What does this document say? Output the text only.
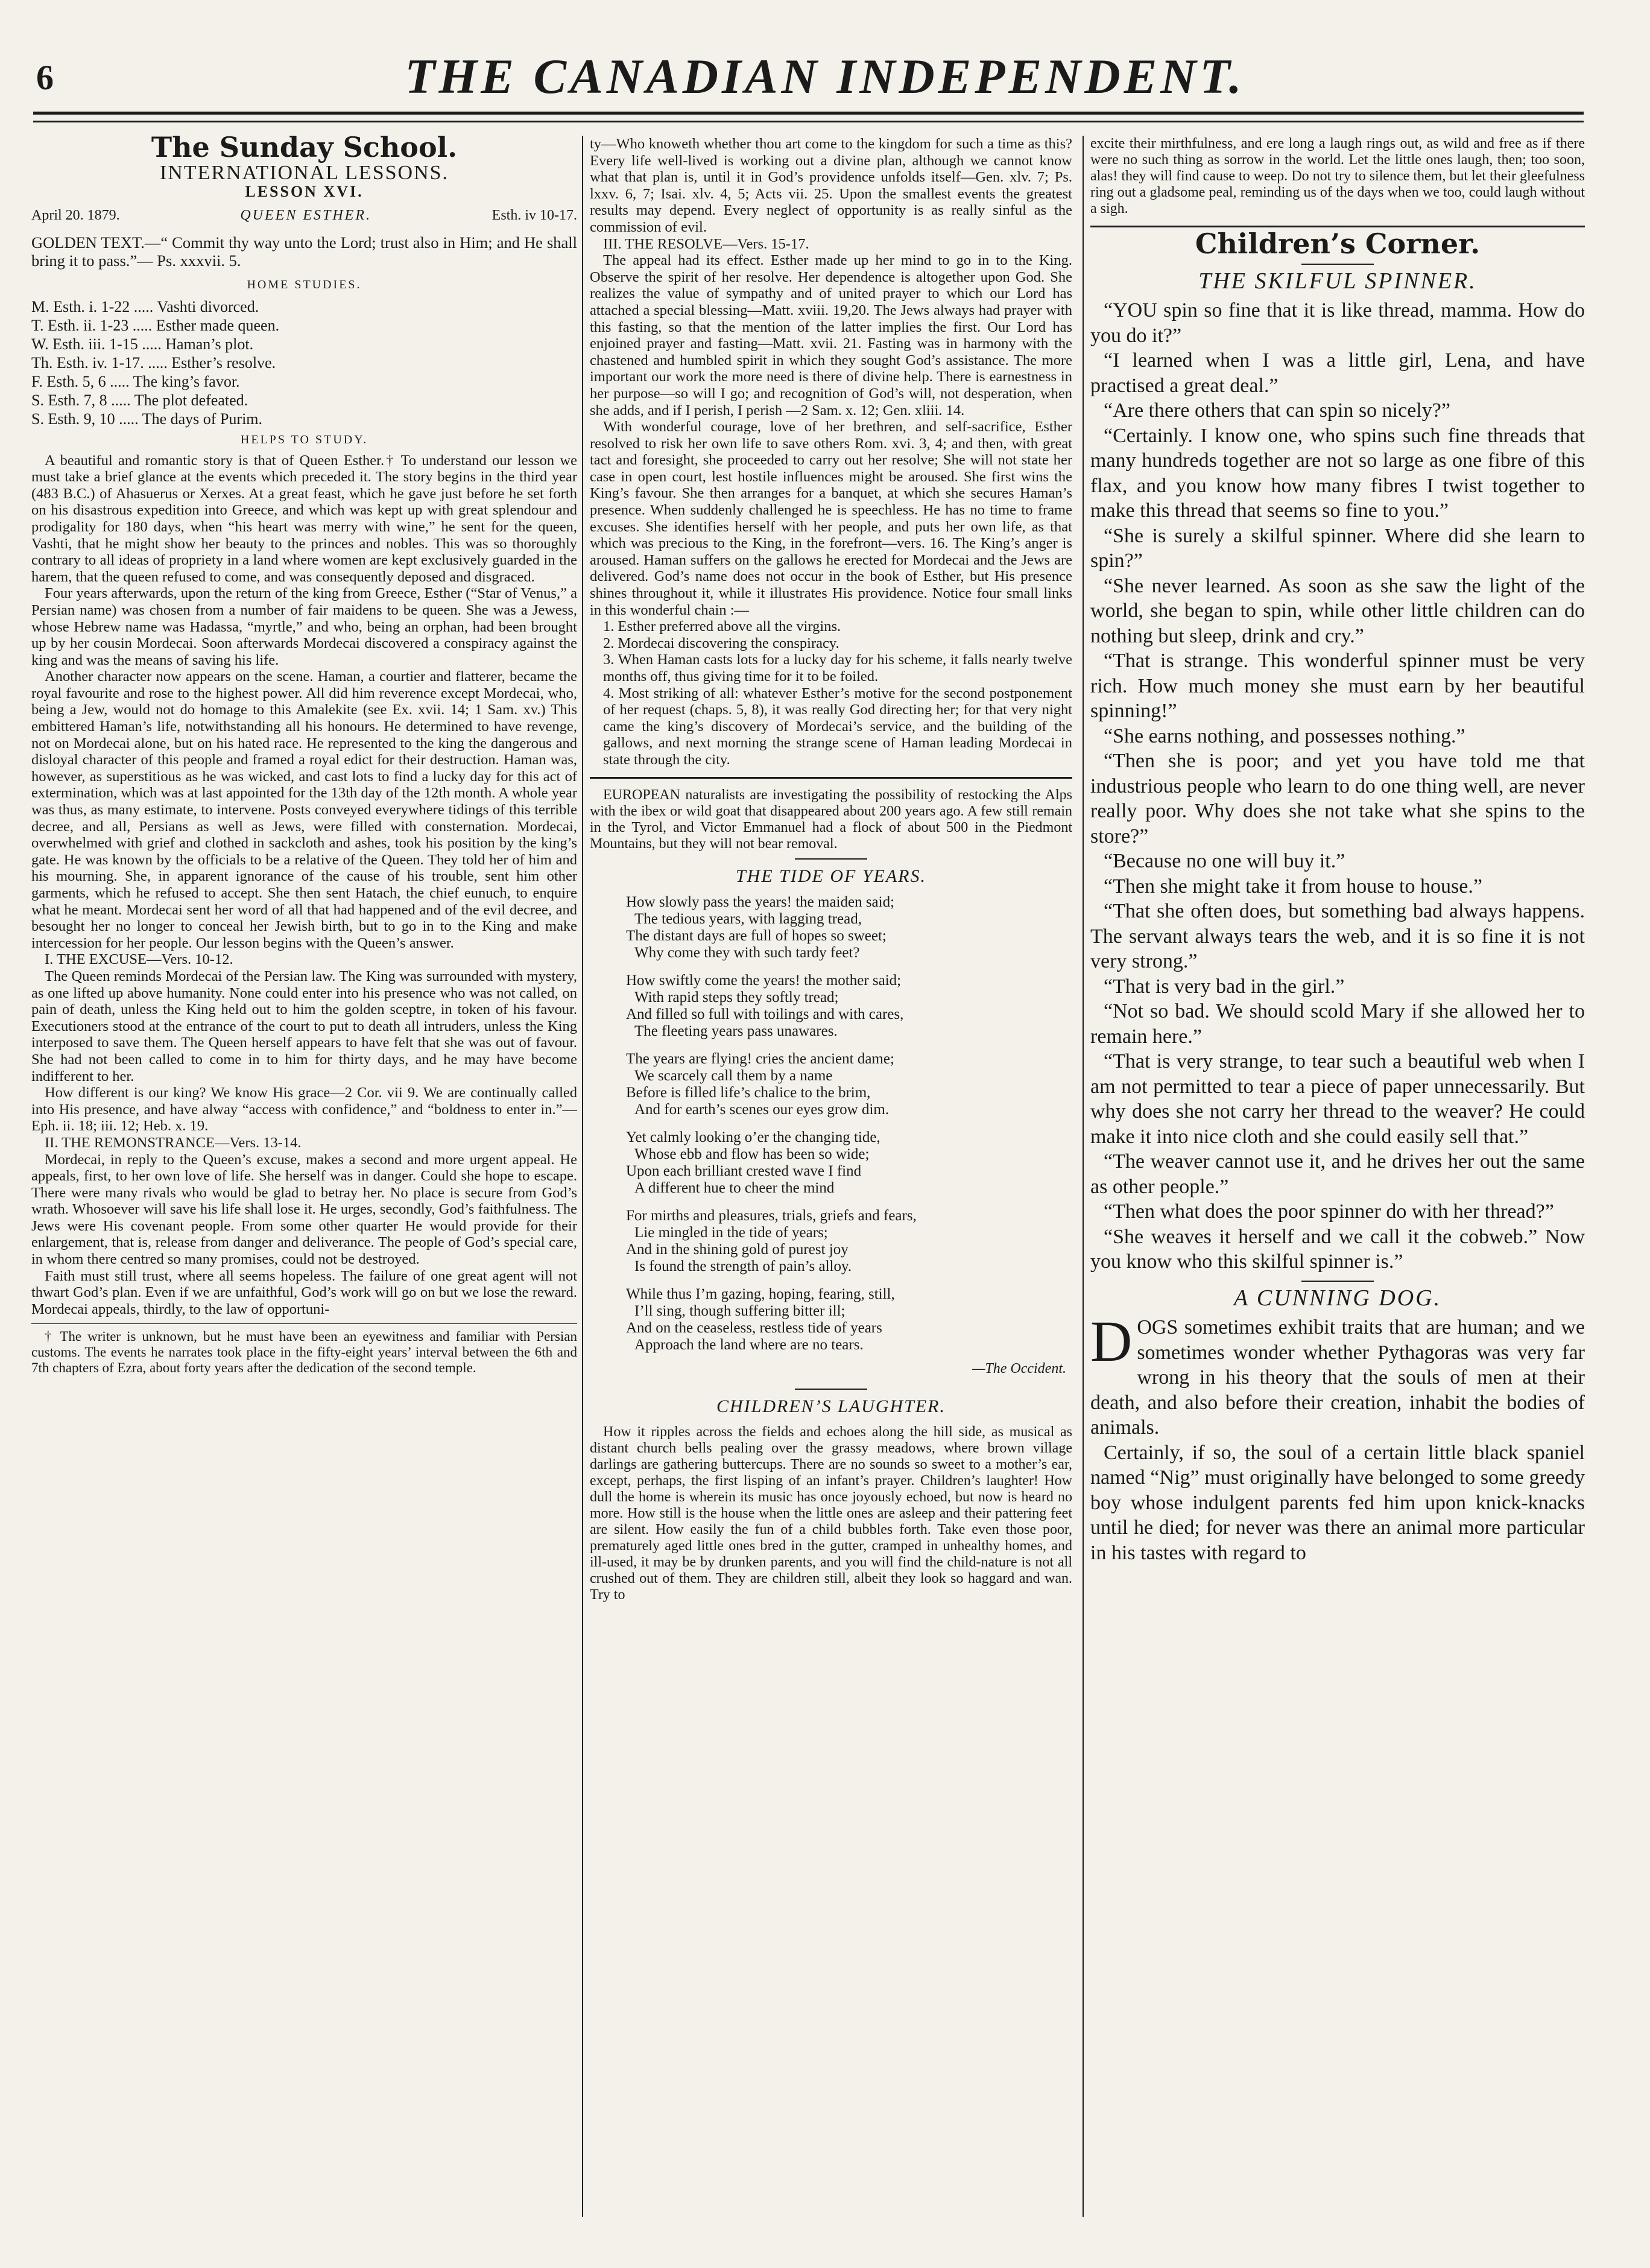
6	THE CANADIAN INDEPENDENT.
The Sunday School.
INTERNATIONAL LESSONS.
LESSON XVI.
April 20. 1879.	QUEEN ESTHER.	Esth. iv 10-17.

GOLDEN TEXT.—“ Commit thy way unto the Lord; trust also in Him; and He shall bring it to pass.”— Ps. xxxvii. 5.

HOME STUDIES.

M. Esth. i. 1-22 ..... Vashti divorced.

T. Esth. ii. 1-23 ..... Esther made queen.

W. Esth. iii. 1-15 ..... Haman’s plot.

Th. Esth. iv. 1-17. ..... Esther’s resolve.

F. Esth. 5, 6 ..... The king’s favor.

S. Esth. 7, 8 ..... The plot defeated.

S. Esth. 9, 10 ..... The days of Purim.

HELPS TO STUDY.

A beautiful and romantic story is that of Queen Esther.† To understand our lesson we must take a brief glance at the events which preceded it. The story begins in the third year (483 B.C.) of Ahasuerus or Xerxes. At a great feast, which he gave just before he set forth on his disastrous expedition into Greece, and which was kept up with great splendour and prodigality for 180 days, when “his heart was merry with wine,” he sent for the queen, Vashti, that he might show her beauty to the princes and nobles. This was so thoroughly contrary to all ideas of propriety in a land where women are kept exclusively guarded in the harem, that the queen refused to come, and was consequently deposed and disgraced.

Four years afterwards, upon the return of the king from Greece, Esther (“Star of Venus,” a Persian name) was chosen from a number of fair maidens to be queen. She was a Jewess, whose Hebrew name was Hadassa, “myrtle,” and who, being an orphan, had been brought up by her cousin Mordecai. Soon afterwards Mordecai discovered a conspiracy against the king and was the means of saving his life.

Another character now appears on the scene. Haman, a courtier and flatterer, became the royal favourite and rose to the highest power. All did him reverence except Mordecai, who, being a Jew, would not do homage to this Amalekite (see Ex. xvii. 14; 1 Sam. xv.) This embittered Haman’s life, notwithstanding all his honours. He determined to have revenge, not on Mordecai alone, but on his hated race. He represented to the king the dangerous and disloyal character of this people and framed a royal edict for their destruction. Haman was, however, as superstitious as he was wicked, and cast lots to find a lucky day for this act of extermination, which was at last appointed for the 13th day of the 12th month. A whole year was thus, as many estimate, to intervene. Posts conveyed everywhere tidings of this terrible decree, and all, Persians as well as Jews, were filled with consternation. Mordecai, overwhelmed with grief and clothed in sackcloth and ashes, took his position by the king’s gate. He was known by the officials to be a relative of the Queen. They told her of him and his mourning. She, in apparent ignorance of the cause of his trouble, sent him other garments, which he refused to accept. She then sent Hatach, the chief eunuch, to enquire what he meant. Mordecai sent her word of all that had happened and of the evil decree, and besought her no longer to conceal her Jewish birth, but to go in to the King and make intercession for her people. Our lesson begins with the Queen’s answer.

I. THE EXCUSE—Vers. 10-12.

The Queen reminds Mordecai of the Persian law. The King was surrounded with mystery, as one lifted up above humanity. None could enter into his presence who was not called, on pain of death, unless the King held out to him the golden sceptre, in token of his favour. Executioners stood at the entrance of the court to put to death all intruders, unless the King interposed to save them. The Queen herself appears to have felt that she was out of favour. She had not been called to come in to him for thirty days, and he may have become indifferent to her.

How different is our king? We know His grace—2 Cor. vii 9. We are continually called into His presence, and have alway “access with confidence,” and “boldness to enter in.”—Eph. ii. 18; iii. 12; Heb. x. 19.

II. THE REMONSTRANCE—Vers. 13-14.

Mordecai, in reply to the Queen’s excuse, makes a second and more urgent appeal. He appeals, first, to her own love of life. She herself was in danger. Could she hope to escape. There were many rivals who would be glad to betray her. No place is secure from God’s wrath. Whosoever will save his life shall lose it. He urges, secondly, God’s faithfulness. The Jews were His covenant people. From some other quarter He would provide for their enlargement, that is, release from danger and deliverance. The people of God’s special care, in whom there centred so many promises, could not be destroyed.

Faith must still trust, where all seems hopeless. The failure of one great agent will not thwart God’s plan. Even if we are unfaithful, God’s work will go on but we lose the reward. Mordecai appeals, thirdly, to the law of opportuni-

† The writer is unknown, but he must have been an eyewitness and familiar with Persian customs. The events he narrates took place in the fifty-eight years’ interval between the 6th and 7th chapters of Ezra, about forty years after the dedication of the second temple.

ty—Who knoweth whether thou art come to the kingdom for such a time as this? Every life well-lived is working out a divine plan, although we cannot know what that plan is, until it in God’s providence unfolds itself—Gen. xlv. 7; Ps. lxxv. 6, 7; Isai. xlv. 4, 5; Acts vii. 25. Upon the smallest events the greatest results may depend. Every neglect of opportunity is as really sinful as the commission of evil.

III. THE RESOLVE—Vers. 15-17.

The appeal had its effect. Esther made up her mind to go in to the King. Observe the spirit of her resolve. Her dependence is altogether upon God. She realizes the value of sympathy and of united prayer to which our Lord has attached a special blessing—Matt. xviii. 19,20. The Jews always had prayer with this fasting, so that the mention of the latter implies the first. Our Lord has enjoined prayer and fasting—Matt. xvii. 21. Fasting was in harmony with the chastened and humbled spirit in which they sought God’s assistance. The more important our work the more need is there of divine help. There is earnestness in her purpose—so will I go; and recognition of God’s will, not desperation, when she adds, and if I perish, I perish —2 Sam. x. 12; Gen. xliii. 14.

With wonderful courage, love of her brethren, and self-sacrifice, Esther resolved to risk her own life to save others Rom. xvi. 3, 4; and then, with great tact and foresight, she proceeded to carry out her resolve; She will not state her case in open court, lest hostile influences might be aroused. She first wins the King’s favour. She then arranges for a banquet, at which she secures Haman’s presence. When suddenly challenged he is speechless. He has no time to frame excuses. She identifies herself with her people, and puts her own life, as that which was precious to the King, in the forefront—vers. 16. The King’s anger is aroused. Haman suffers on the gallows he erected for Mordecai and the Jews are delivered. God’s name does not occur in the book of Esther, but His presence shines throughout it, while it illustrates His providence. Notice four small links in this wonderful chain :—

1. Esther preferred above all the virgins.

2. Mordecai discovering the conspiracy.

3. When Haman casts lots for a lucky day for his scheme, it falls nearly twelve months off, thus giving time for it to be foiled.

4. Most striking of all: whatever Esther’s motive for the second postponement of her request (chaps. 5, 8), it was really God directing her; for that very night came the king’s discovery of Mordecai’s service, and the building of the gallows, and next morning the strange scene of Haman leading Mordecai in state through the city.

EUROPEAN naturalists are investigating the possibility of restocking the Alps with the ibex or wild goat that disappeared about 200 years ago. A few still remain in the Tyrol, and Victor Emmanuel had a flock of about 500 in the Piedmont Mountains, but they will not bear removal.

THE TIDE OF YEARS.
How slowly pass the years! the maiden said;
The tedious years, with lagging tread,
The distant days are full of hopes so sweet;
Why come they with such tardy feet?
How swiftly come the years! the mother said;
With rapid steps they softly tread;
And filled so full with toilings and with cares,
The fleeting years pass unawares.
The years are flying! cries the ancient dame;
We scarcely call them by a name
Before is filled life’s chalice to the brim,
And for earth’s scenes our eyes grow dim.
Yet calmly looking o’er the changing tide,
Whose ebb and flow has been so wide;
Upon each brilliant crested wave I find
A different hue to cheer the mind
For mirths and pleasures, trials, griefs and fears,
Lie mingled in the tide of years;
And in the shining gold of purest joy
Is found the strength of pain’s alloy.
While thus I’m gazing, hoping, fearing, still,
I’ll sing, though suffering bitter ill;
And on the ceaseless, restless tide of years
Approach the land where are no tears.
—The Occident.
CHILDREN’S LAUGHTER.

How it ripples across the fields and echoes along the hill side, as musical as distant church bells pealing over the grassy meadows, where brown village darlings are gathering buttercups. There are no sounds so sweet to a mother’s ear, except, perhaps, the first lisping of an infant’s prayer. Children’s laughter! How dull the home is wherein its music has once joyously echoed, but now is heard no more. How still is the house when the little ones are asleep and their pattering feet are silent. How easily the fun of a child bubbles forth. Take even those poor, prematurely aged little ones bred in the gutter, cramped in unhealthy homes, and ill-used, it may be by drunken parents, and you will find the child-nature is not all crushed out of them. They are children still, albeit they look so haggard and wan. Try to

excite their mirthfulness, and ere long a laugh rings out, as wild and free as if there were no such thing as sorrow in the world. Let the little ones laugh, then; too soon, alas! they will find cause to weep. Do not try to silence them, but let their gleefulness ring out a gladsome peal, reminding us of the days when we too, could laugh without a sigh.

Children’s Corner.
THE SKILFUL SPINNER.

“YOU spin so fine that it is like thread, mamma. How do you do it?”

“I learned when I was a little girl, Lena, and have practised a great deal.”

“Are there others that can spin so nicely?”

“Certainly. I know one, who spins such fine threads that many hundreds together are not so large as one fibre of this flax, and you know how many fibres I twist together to make this thread that seems so fine to you.”

“She is surely a skilful spinner. Where did she learn to spin?”

“She never learned. As soon as she saw the light of the world, she began to spin, while other little children can do nothing but sleep, drink and cry.”

“That is strange. This wonderful spinner must be very rich. How much money she must earn by her beautiful spinning!”

“She earns nothing, and possesses nothing.”

“Then she is poor; and yet you have told me that industrious people who learn to do one thing well, are never really poor. Why does she not take what she spins to the store?”

“Because no one will buy it.”

“Then she might take it from house to house.”

“That she often does, but something bad always happens. The servant always tears the web, and it is so fine it is not very strong.”

“That is very bad in the girl.”

“Not so bad. We should scold Mary if she allowed her to remain here.”

“That is very strange, to tear such a beautiful web when I am not permitted to tear a piece of paper unnecessarily. But why does she not carry her thread to the weaver? He could make it into nice cloth and she could easily sell that.”

“The weaver cannot use it, and he drives her out the same as other people.”

“Then what does the poor spinner do with her thread?”

“She weaves it herself and we call it the cobweb.” Now you know who this skilful spinner is.”

A CUNNING DOG.

DOGS sometimes exhibit traits that are human; and we sometimes wonder whether Pythagoras was very far wrong in his theory that the souls of men at their death, and also before their creation, inhabit the bodies of animals.

Certainly, if so, the soul of a certain little black spaniel named “Nig” must originally have belonged to some greedy boy whose indulgent parents fed him upon knick-knacks until he died; for never was there an animal more particular in his tastes with regard to
